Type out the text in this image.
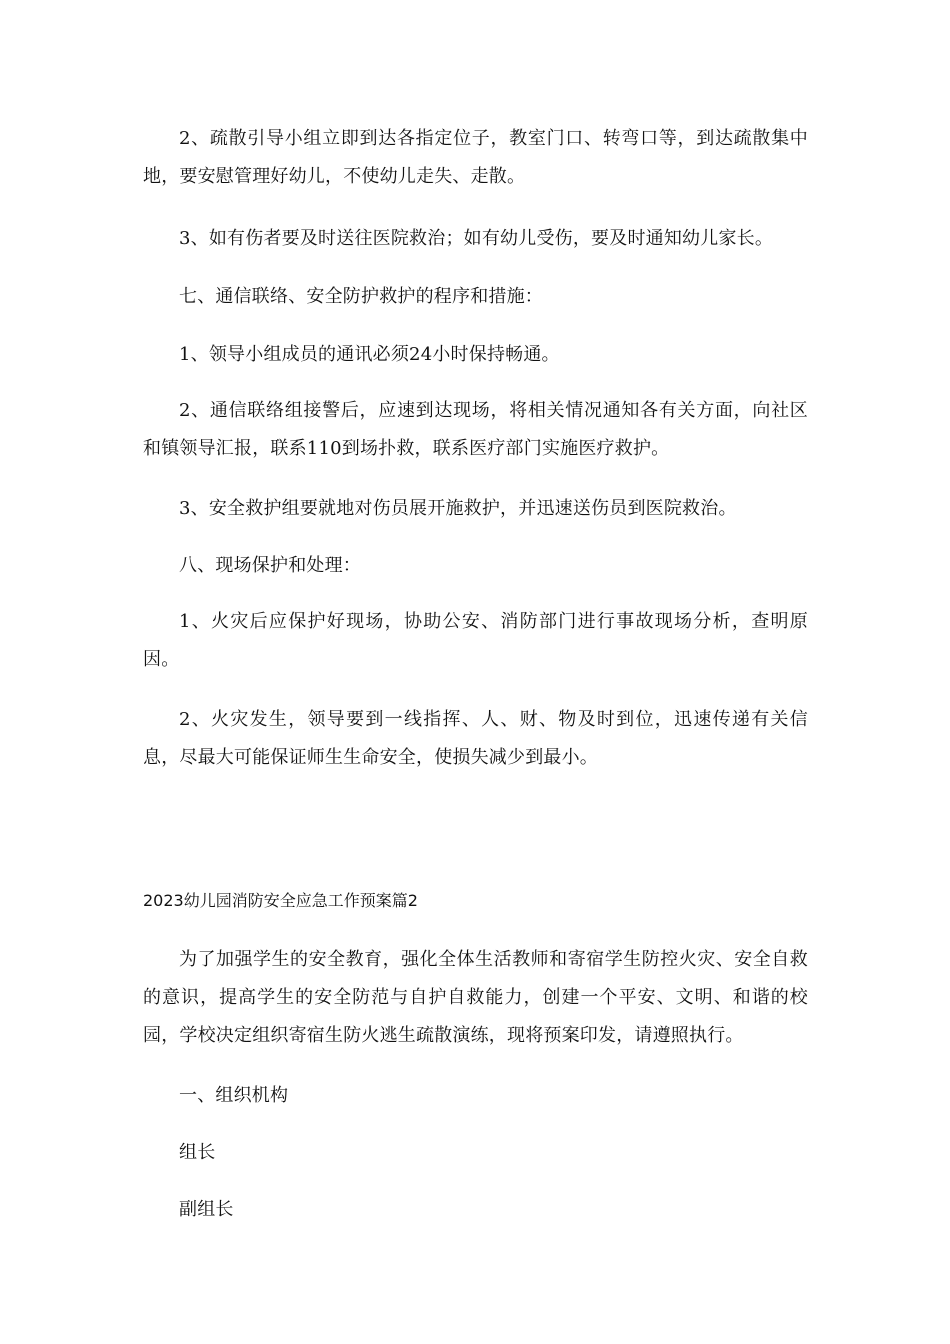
2、疏散引导小组立即到达各指定位子，教室门口、转弯口等，到达疏散集中地，要安慰管理好幼儿，不使幼儿走失、走散。

3、如有伤者要及时送往医院救治；如有幼儿受伤，要及时通知幼儿家长。

七、通信联络、安全防护救护的程序和措施：

1、领导小组成员的通讯必须24小时保持畅通。

2、通信联络组接警后，应速到达现场，将相关情况通知各有关方面，向社区和镇领导汇报，联系110到场扑救，联系医疗部门实施医疗救护。

3、安全救护组要就地对伤员展开施救护，并迅速送伤员到医院救治。

八、现场保护和处理：

1、火灾后应保护好现场，协助公安、消防部门进行事故现场分析，查明原因。

2、火灾发生，领导要到一线指挥、人、财、物及时到位，迅速传递有关信息，尽最大可能保证师生生命安全，使损失减少到最小。

2023幼儿园消防安全应急工作预案篇2

为了加强学生的安全教育，强化全体生活教师和寄宿学生防控火灾、安全自救的意识，提高学生的安全防范与自护自救能力，创建一个平安、文明、和谐的校园，学校决定组织寄宿生防火逃生疏散演练，现将预案印发，请遵照执行。

一、组织机构

组长

副组长
